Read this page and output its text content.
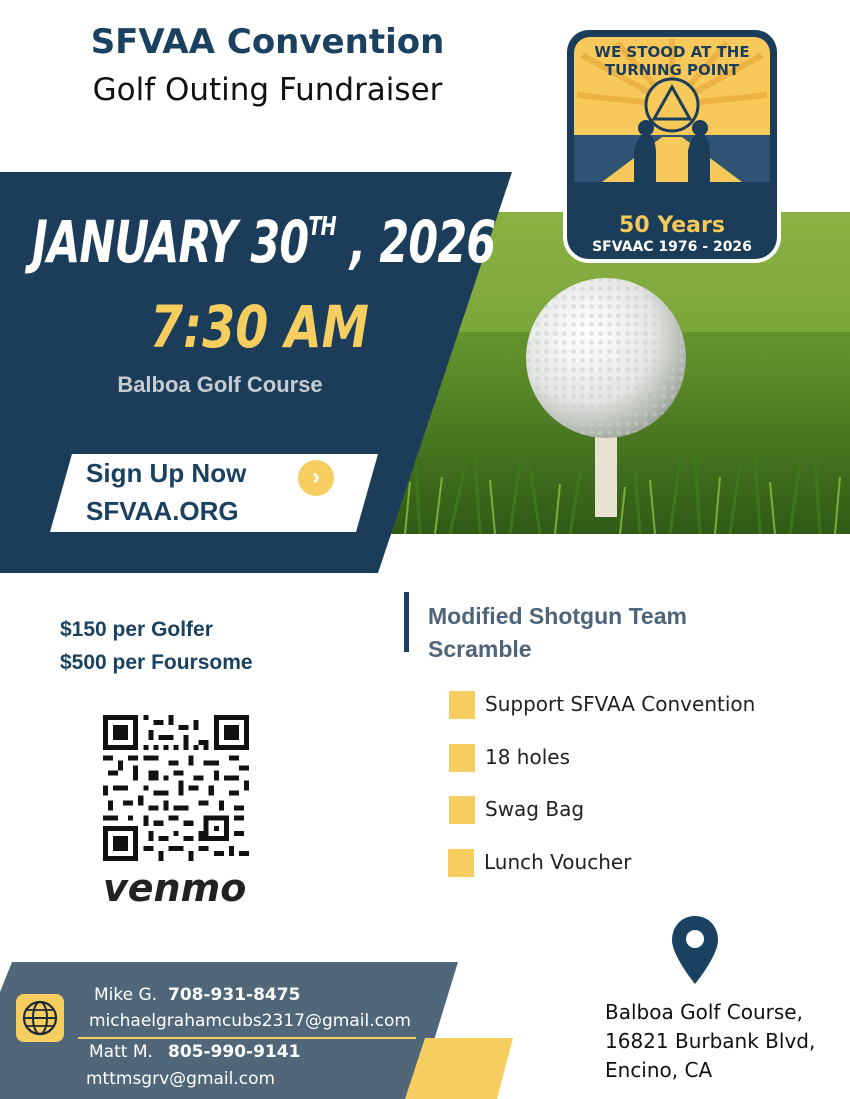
SFVAA Convention
Golf Outing Fundraiser
JANUARY 30TH , 2026
7:30 AM
Balboa Golf Course
Sign Up Now
SFVAA.ORG
›
WE STOOD AT THE
TURNING POINT
50 Years
SFVAAC 1976 - 2026
$150 per Golfer
$500 per Foursome
venmo
Modified Shotgun Team Scramble
Support SFVAA Convention
18 holes
Swag Bag
Lunch Voucher
Mike G. 708-931-8475
michaelgrahamcubs2317@gmail.com
Matt M. 805-990-9141
mttmsgrv@gmail.com
Balboa Golf Course,
16821 Burbank Blvd,
Encino, CA
